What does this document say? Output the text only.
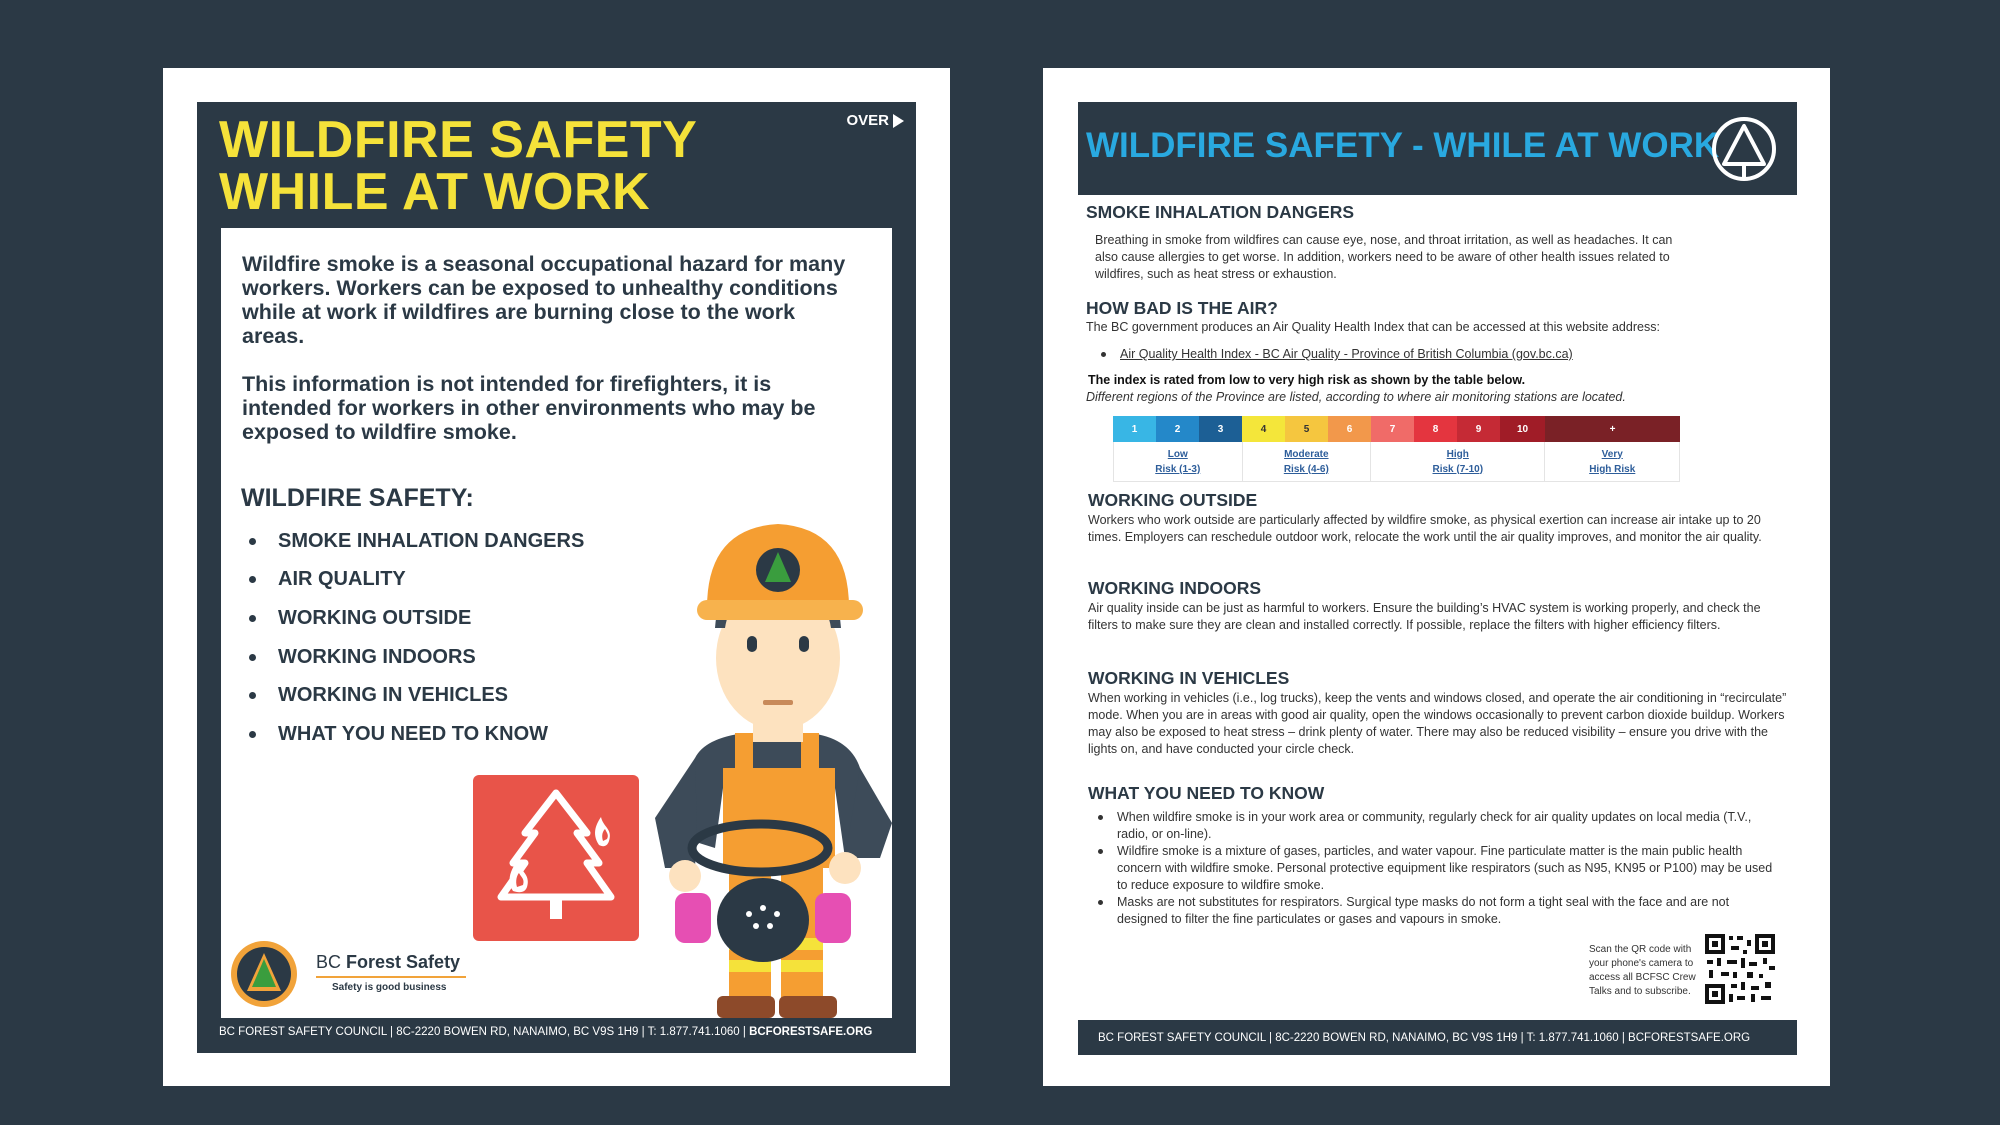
OVER
WILDFIRE SAFETY
WHILE AT WORK

Wildfire smoke is a seasonal occupational hazard for many workers. Workers can be exposed to unhealthy conditions while at work if wildfires are burning close to the work areas.

This information is not intended for firefighters, it is intended for workers in other environments who may be exposed to wildfire smoke.

WILDFIRE SAFETY:
SMOKE INHALATION DANGERS
AIR QUALITY
WORKING OUTSIDE
WORKING INDOORS
WORKING IN VEHICLES
WHAT YOU NEED TO KNOW
BC Forest Safety
Safety is good business
BC FOREST SAFETY COUNCIL | 8C-2220 BOWEN RD, NANAIMO, BC V9S 1H9 | T: 1.877.741.1060 | BCFORESTSAFE.ORG
WILDFIRE SAFETY - WHILE AT WORK
SMOKE INHALATION DANGERS
Breathing in smoke from wildfires can cause eye, nose, and throat irritation, as well as headaches. It can also cause allergies to get worse. In addition, workers need to be aware of other health issues related to wildfires, such as heat stress or exhaustion.
HOW BAD IS THE AIR?
The BC government produces an Air Quality Health Index that can be accessed at this website address:
Air Quality Health Index - BC Air Quality - Province of British Columbia (gov.bc.ca)
The index is rated from low to very high risk as shown by the table below.
Different regions of the Province are listed, according to where air monitoring stations are located.
1	2	3	4	5	6	7	8	9	10	+
Low
Risk (1-3)
Moderate
Risk (4-6)
High
Risk (7-10)
Very
High Risk
WORKING OUTSIDE
Workers who work outside are particularly affected by wildfire smoke, as physical exertion can increase air intake up to 20 times. Employers can reschedule outdoor work, relocate the work until the air quality improves, and monitor the air quality.
WORKING INDOORS
Air quality inside can be just as harmful to workers. Ensure the building’s HVAC system is working properly, and check the filters to make sure they are clean and installed correctly. If possible, replace the filters with higher efficiency filters.
WORKING IN VEHICLES
When working in vehicles (i.e., log trucks), keep the vents and windows closed, and operate the air conditioning in “recirculate” mode. When you are in areas with good air quality, open the windows occasionally to prevent carbon dioxide buildup. Workers may also be exposed to heat stress – drink plenty of water. There may also be reduced visibility – ensure you drive with the lights on, and have conducted your circle check.
WHAT YOU NEED TO KNOW
When wildfire smoke is in your work area or community, regularly check for air quality updates on local media (T.V., radio, or on-line).
Wildfire smoke is a mixture of gases, particles, and water vapour. Fine particulate matter is the main public health concern with wildfire smoke. Personal protective equipment like respirators (such as N95, KN95 or P100) may be used to reduce exposure to wildfire smoke.
Masks are not substitutes for respirators. Surgical type masks do not form a tight seal with the face and are not designed to filter the fine particulates or gases and vapours in smoke.
Scan the QR code with your phone's camera to access all BCFSC Crew Talks and to subscribe.
BC FOREST SAFETY COUNCIL | 8C-2220 BOWEN RD, NANAIMO, BC V9S 1H9 | T: 1.877.741.1060 | BCFORESTSAFE.ORG
